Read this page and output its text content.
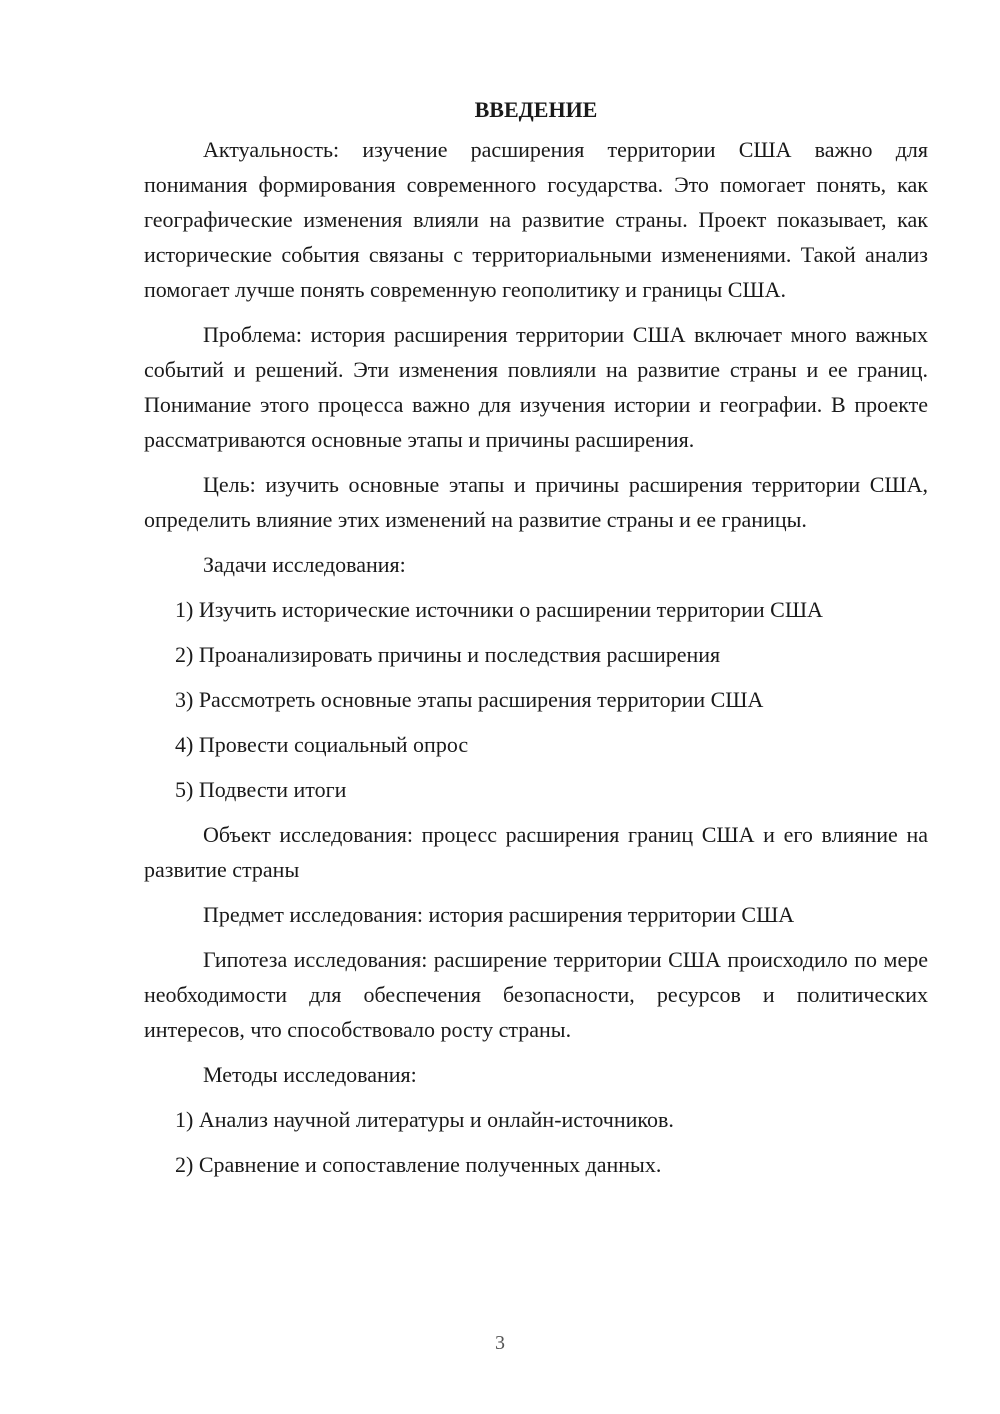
ВВЕДЕНИЕ

Актуальность: изучение расширения территории США важно для понимания формирования современного государства. Это помогает понять, как географические изменения влияли на развитие страны. Проект показывает, как исторические события связаны с территориальными изменениями. Такой анализ помогает лучше понять современную геополитику и границы США.

Проблема: история расширения территории США включает много важных событий и решений. Эти изменения повлияли на развитие страны и ее границ. Понимание этого процесса важно для изучения истории и географии. В проекте рассматриваются основные этапы и причины расширения.

Цель: изучить основные этапы и причины расширения территории США, определить влияние этих изменений на развитие страны и ее границы.

Задачи исследования:

1) Изучить исторические источники о расширении территории США
2) Проанализировать причины и последствия расширения
3) Рассмотреть основные этапы расширения территории США
4) Провести социальный опрос
5) Подвести итоги

Объект исследования: процесс расширения границ США и его влияние на развитие страны

Предмет исследования: история расширения территории США

Гипотеза исследования: расширение территории США происходило по мере необходимости для обеспечения безопасности, ресурсов и политических интересов, что способствовало росту страны.

Методы исследования:

1) Анализ научной литературы и онлайн-источников.
2) Сравнение и сопоставление полученных данных.
3
